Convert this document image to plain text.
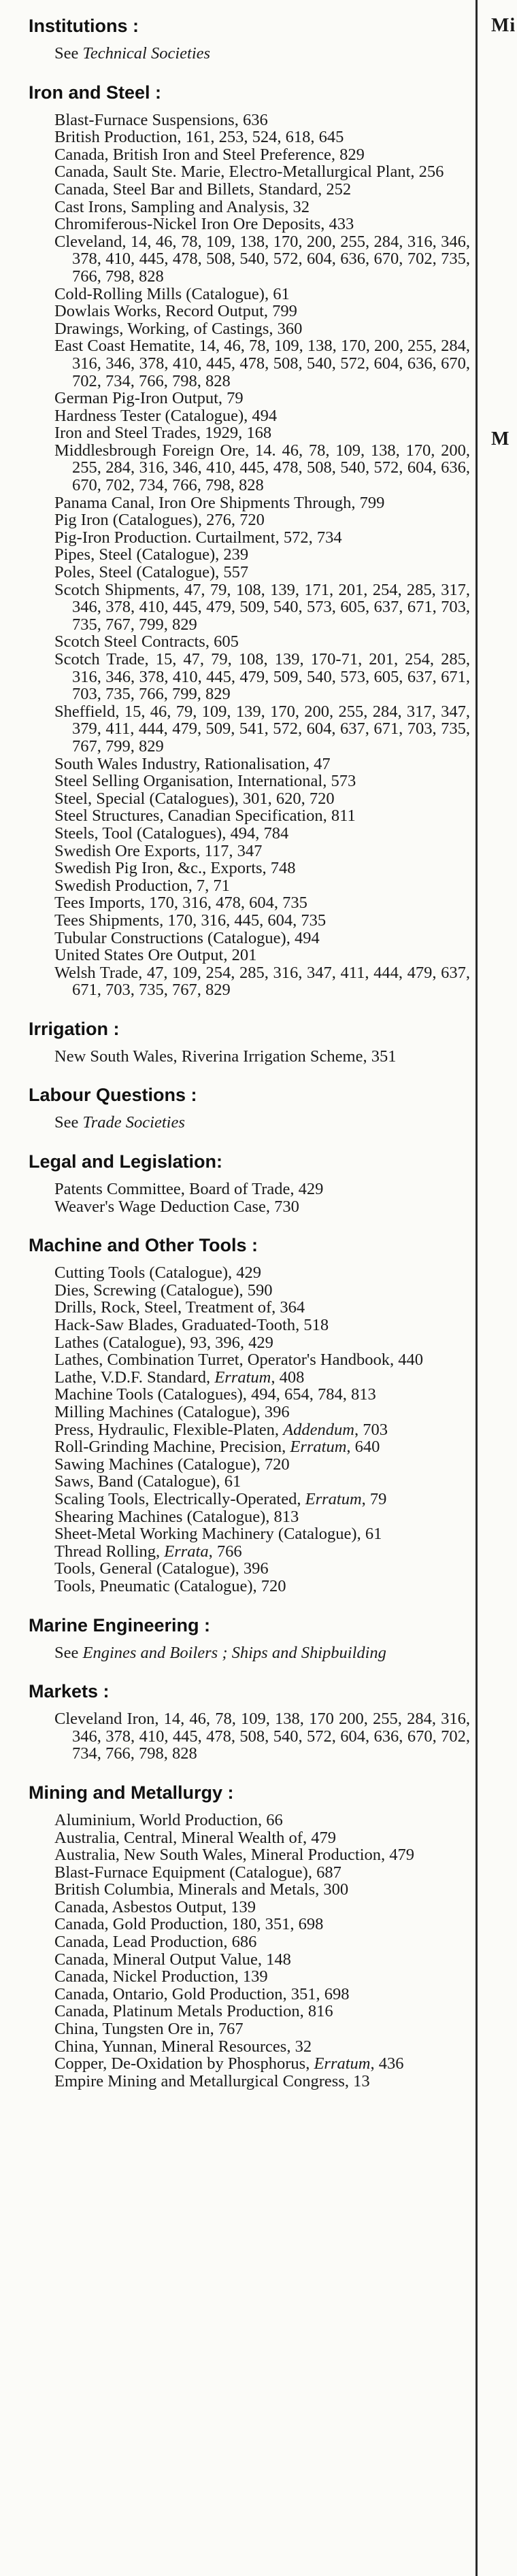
Institutions :
See Technical Societies
Iron and Steel :
Blast-Furnace Suspensions, 636
British Production, 161, 253, 524, 618, 645
Canada, British Iron and Steel Preference, 829
Canada, Sault Ste. Marie, Electro-Metallurgical Plant, 256
Canada, Steel Bar and Billets, Standard, 252
Cast Irons, Sampling and Analysis, 32
Chromiferous-Nickel Iron Ore Deposits, 433
Cleveland, 14, 46, 78, 109, 138, 170, 200, 255, 284, 316, 346, 378, 410, 445, 478, 508, 540, 572, 604, 636, 670, 702, 735, 766, 798, 828
Cold-Rolling Mills (Catalogue), 61
Dowlais Works, Record Output, 799
Drawings, Working, of Castings, 360
East Coast Hematite, 14, 46, 78, 109, 138, 170, 200, 255, 284, 316, 346, 378, 410, 445, 478, 508, 540, 572, 604, 636, 670, 702, 734, 766, 798, 828
German Pig-Iron Output, 79
Hardness Tester (Catalogue), 494
Iron and Steel Trades, 1929, 168
Middlesbrough Foreign Ore, 14. 46, 78, 109, 138, 170, 200, 255, 284, 316, 346, 410, 445, 478, 508, 540, 572, 604, 636, 670, 702, 734, 766, 798, 828
Panama Canal, Iron Ore Shipments Through, 799
Pig Iron (Catalogues), 276, 720
Pig-Iron Production. Curtailment, 572, 734
Pipes, Steel (Catalogue), 239
Poles, Steel (Catalogue), 557
Scotch Shipments, 47, 79, 108, 139, 171, 201, 254, 285, 317, 346, 378, 410, 445, 479, 509, 540, 573, 605, 637, 671, 703, 735, 767, 799, 829
Scotch Steel Contracts, 605
Scotch Trade, 15, 47, 79, 108, 139, 170-71, 201, 254, 285, 316, 346, 378, 410, 445, 479, 509, 540, 573, 605, 637, 671, 703, 735, 766, 799, 829
Sheffield, 15, 46, 79, 109, 139, 170, 200, 255, 284, 317, 347, 379, 411, 444, 479, 509, 541, 572, 604, 637, 671, 703, 735, 767, 799, 829
South Wales Industry, Rationalisation, 47
Steel Selling Organisation, International, 573
Steel, Special (Catalogues), 301, 620, 720
Steel Structures, Canadian Specification, 811
Steels, Tool (Catalogues), 494, 784
Swedish Ore Exports, 117, 347
Swedish Pig Iron, &c., Exports, 748
Swedish Production, 7, 71
Tees Imports, 170, 316, 478, 604, 735
Tees Shipments, 170, 316, 445, 604, 735
Tubular Constructions (Catalogue), 494
United States Ore Output, 201
Welsh Trade, 47, 109, 254, 285, 316, 347, 411, 444, 479, 637, 671, 703, 735, 767, 829
Irrigation :
New South Wales, Riverina Irrigation Scheme, 351
Labour Questions :
See Trade Societies
Legal and Legislation:
Patents Committee, Board of Trade, 429
Weaver's Wage Deduction Case, 730
Machine and Other Tools :
Cutting Tools (Catalogue), 429
Dies, Screwing (Catalogue), 590
Drills, Rock, Steel, Treatment of, 364
Hack-Saw Blades, Graduated-Tooth, 518
Lathes (Catalogue), 93, 396, 429
Lathes, Combination Turret, Operator's Handbook, 440
Lathe, V.D.F. Standard, Erratum, 408
Machine Tools (Catalogues), 494, 654, 784, 813
Milling Machines (Catalogue), 396
Press, Hydraulic, Flexible-Platen, Addendum, 703
Roll-Grinding Machine, Precision, Erratum, 640
Sawing Machines (Catalogue), 720
Saws, Band (Catalogue), 61
Scaling Tools, Electrically-Operated, Erratum, 79
Shearing Machines (Catalogue), 813
Sheet-Metal Working Machinery (Catalogue), 61
Thread Rolling, Errata, 766
Tools, General (Catalogue), 396
Tools, Pneumatic (Catalogue), 720
Marine Engineering :
See Engines and Boilers ; Ships and Shipbuilding
Markets :
Cleveland Iron, 14, 46, 78, 109, 138, 170 200, 255, 284, 316, 346, 378, 410, 445, 478, 508, 540, 572, 604, 636, 670, 702, 734, 766, 798, 828
Mining and Metallurgy :
Aluminium, World Production, 66
Australia, Central, Mineral Wealth of, 479
Australia, New South Wales, Mineral Production, 479
Blast-Furnace Equipment (Catalogue), 687
British Columbia, Minerals and Metals, 300
Canada, Asbestos Output, 139
Canada, Gold Production, 180, 351, 698
Canada, Lead Production, 686
Canada, Mineral Output Value, 148
Canada, Nickel Production, 139
Canada, Ontario, Gold Production, 351, 698
Canada, Platinum Metals Production, 816
China, Tungsten Ore in, 767
China, Yunnan, Mineral Resources, 32
Copper, De-Oxidation by Phosphorus, Erratum, 436
Empire Mining and Metallurgical Congress, 13
Mi
M
